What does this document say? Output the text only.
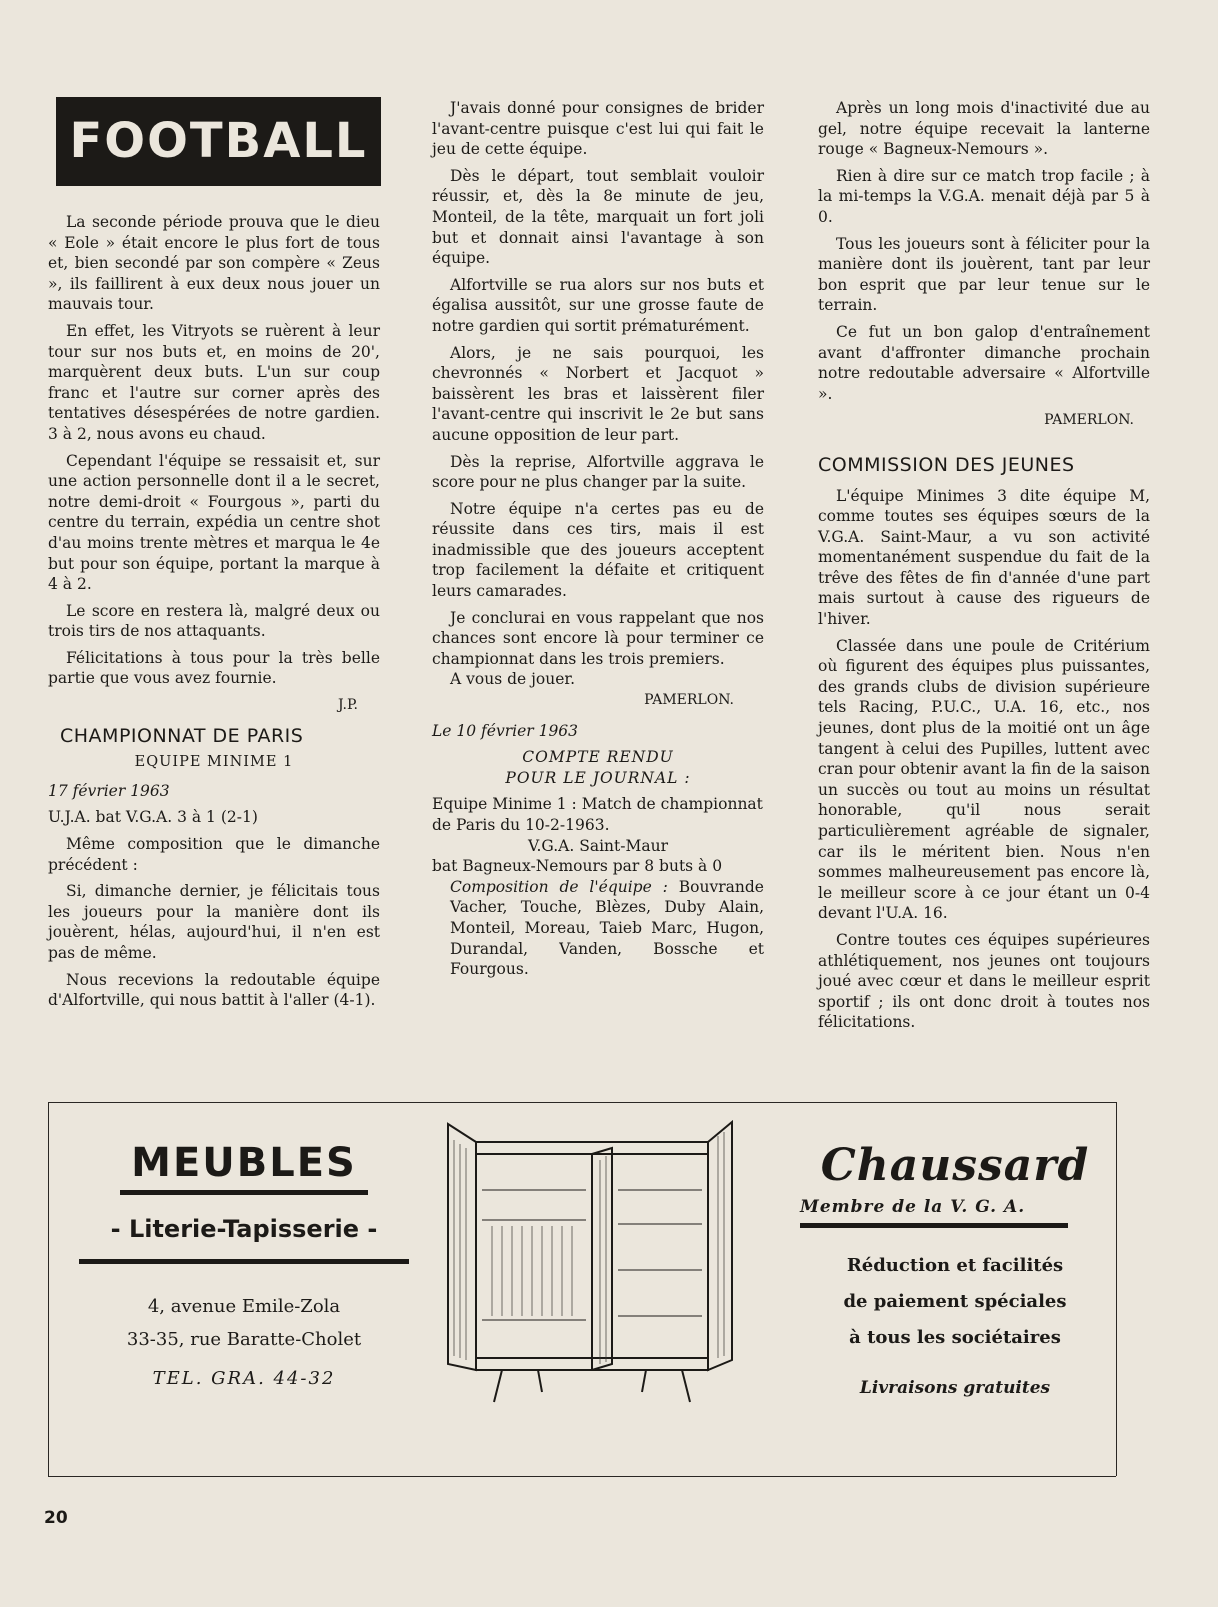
FOOTBALL

La seconde période prouva que le dieu « Eole » était encore le plus fort de tous et, bien secondé par son compère « Zeus », ils faillirent à eux deux nous jouer un mauvais tour.

En effet, les Vitryots se ruèrent à leur tour sur nos buts et, en moins de 20', marquèrent deux buts. L'un sur coup franc et l'autre sur corner après des tentatives désespérées de notre gardien. 3 à 2, nous avons eu chaud.

Cependant l'équipe se ressaisit et, sur une action personnelle dont il a le secret, notre demi-droit « Fourgous », parti du centre du terrain, expédia un centre shot d'au moins trente mètres et marqua le 4e but pour son équipe, portant la marque à 4 à 2.

Le score en restera là, malgré deux ou trois tirs de nos attaquants.

Félicitations à tous pour la très belle partie que vous avez fournie.

J.P.
CHAMPIONNAT DE PARIS
EQUIPE MINIME 1
17 février 1963
U.J.A. bat V.G.A. 3 à 1 (2-1)

Même composition que le dimanche précédent :

Si, dimanche dernier, je félicitais tous les joueurs pour la manière dont ils jouèrent, hélas, aujourd'hui, il n'en est pas de même.

Nous recevions la redoutable équipe d'Alfortville, qui nous battit à l'aller (4-1).

J'avais donné pour consignes de brider l'avant-centre puisque c'est lui qui fait le jeu de cette équipe.

Dès le départ, tout semblait vouloir réussir, et, dès la 8e minute de jeu, Monteil, de la tête, marquait un fort joli but et donnait ainsi l'avantage à son équipe.

Alfortville se rua alors sur nos buts et égalisa aussitôt, sur une grosse faute de notre gardien qui sortit prématurément.

Alors, je ne sais pourquoi, les chevronnés « Norbert et Jacquot » baissèrent les bras et laissèrent filer l'avant-centre qui inscrivit le 2e but sans aucune opposition de leur part.

Dès la reprise, Alfortville aggrava le score pour ne plus changer par la suite.

Notre équipe n'a certes pas eu de réussite dans ces tirs, mais il est inadmissible que des joueurs acceptent trop facilement la défaite et critiquent leurs camarades.

Je conclurai en vous rappelant que nos chances sont encore là pour terminer ce championnat dans les trois premiers.

A vous de jouer.
PAMERLON.
Le 10 février 1963
COMPTE RENDU
POUR LE JOURNAL :
Equipe Minime 1 : Match de championnat de Paris du 10-2-1963.
V.G.A. Saint-Maur
bat Bagneux-Nemours par 8 buts à 0

Composition de l'équipe : Bouvrande Vacher, Touche, Blèzes, Duby Alain, Monteil, Moreau, Taieb Marc, Hugon, Durandal, Vanden, Bossche et Fourgous.

Après un long mois d'inactivité due au gel, notre équipe recevait la lanterne rouge « Bagneux-Nemours ».

Rien à dire sur ce match trop facile ; à la mi-temps la V.G.A. menait déjà par 5 à 0.

Tous les joueurs sont à féliciter pour la manière dont ils jouèrent, tant par leur bon esprit que par leur tenue sur le terrain.

Ce fut un bon galop d'entraînement avant d'affronter dimanche prochain notre redoutable adversaire « Alfortville ».

PAMERLON.
COMMISSION DES JEUNES

L'équipe Minimes 3 dite équipe M, comme toutes ses équipes sœurs de la V.G.A. Saint-Maur, a vu son activité momentanément suspendue du fait de la trêve des fêtes de fin d'année d'une part mais surtout à cause des rigueurs de l'hiver.

Classée dans une poule de Critérium où figurent des équipes plus puissantes, des grands clubs de division supérieure tels Racing, P.U.C., U.A. 16, etc., nos jeunes, dont plus de la moitié ont un âge tangent à celui des Pupilles, luttent avec cran pour obtenir avant la fin de la saison un succès ou tout au moins un résultat honorable, qu'il nous serait particulièrement agréable de signaler, car ils le méritent bien. Nous n'en sommes malheureusement pas encore là, le meilleur score à ce jour étant un 0-4 devant l'U.A. 16.

Contre toutes ces équipes supérieures athlétiquement, nos jeunes ont toujours joué avec cœur et dans le meilleur esprit sportif ; ils ont donc droit à toutes nos félicitations.

MEUBLES
- Literie-Tapisserie -
4, avenue Emile-Zola
33-35, rue Baratte-Cholet
TEL. GRA. 44-32
Chaussard
Membre de la V. G. A.
Réduction et facilités
de paiement spéciales
à tous les sociétaires
Livraisons gratuites
20
